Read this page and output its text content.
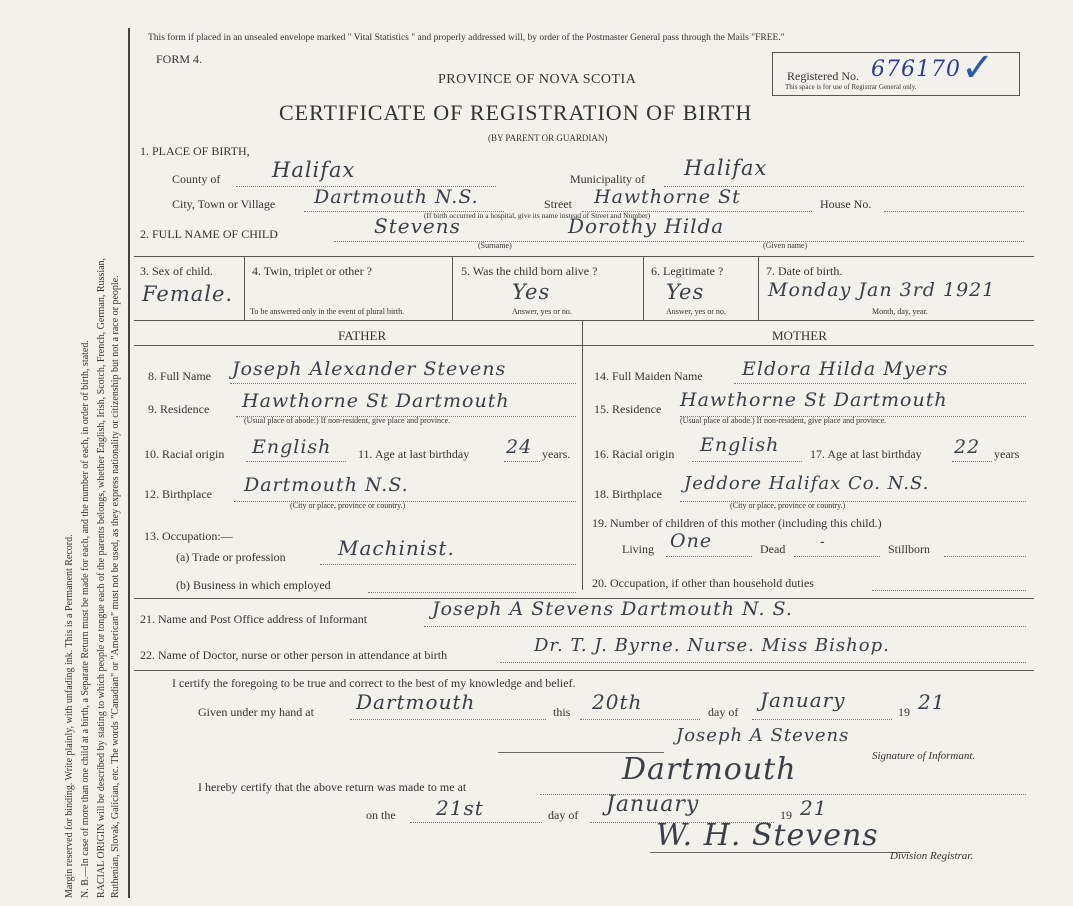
Margin reserved for binding. Write plainly, with unfading ink. This is a Permanent Record. N. B.—In case of more than one child at a birth, a Separate Return must be made for each, and the number of each, in order of birth, stated. RACIAL ORIGIN will be described by stating to which people or tongue each of the parents belongs, whether English, Irish, Scotch, French, German, Russian, Ruthenian, Slovak, Galician, etc. The words "Canadian" or "American" must not be used, as they express nationality or citizenship but not a race or people.
This form if placed in an unsealed envelope marked " Vital Statistics " and properly addressed will, by order of the Postmaster General pass through the Mails "FREE."
FORM 4.
PROVINCE OF NOVA SCOTIA
CERTIFICATE OF REGISTRATION OF BIRTH
(BY PARENT OR GUARDIAN)
Registered No. 676170 ✓
This space is for use of Registrar General only.
1. PLACE OF BIRTH,
County of Halifax	Municipality of Halifax
City, Town or Village Dartmouth N.S.	Street Hawthorne St	House No.
(If birth occurred in a hospital, give its name instead of Street and Number)
2. FULL NAME OF CHILD	Stevens	Dorothy Hilda
(Surname)	(Given name)
3. Sex of child.
Female.
4. Twin, triplet or other ?
To be answered only in the event of plural birth.
5. Was the child born alive ?
Yes
Answer, yes or no.
6. Legitimate ?
Yes
Answer, yes or no.
7. Date of birth.
Monday Jan 3rd 1921
Month, day, year.
FATHER	MOTHER
8. Full Name Joseph Alexander Stevens
9. Residence Hawthorne St Dartmouth
(Usual place of abode.) If non-resident, give place and province.
10. Racial origin English 11. Age at last birthday 24 years.
12. Birthplace Dartmouth N.S.
(City or place, province or country.)
13. Occupation:—
(a) Trade or profession	Machinist.
(b) Business in which employed
14. Full Maiden Name Eldora Hilda Myers
15. Residence Hawthorne St Dartmouth
(Usual place of abode.) If non-resident, give place and province.
16. Racial origin English	17. Age at last birthday 22 years
18. Birthplace Jeddore Halifax Co. N.S.
(City or place, province or country.)
19. Number of children of this mother (including this child.)
Living One	Dead -	Stillborn
20. Occupation, if other than household duties
21. Name and Post Office address of Informant	Joseph A Stevens Dartmouth N. S.
22. Name of Doctor, nurse or other person in attendance at birth	Dr. T. J. Byrne. Nurse. Miss Bishop.
I certify the foregoing to be true and correct to the best of my knowledge and belief.
Given under my hand at Dartmouth	this 20th	day of January	19 21
Joseph A Stevens
Signature of Informant.
I hereby certify that the above return was made to me at	Dartmouth
on the 21st	day of January	19 21
W. H. Stevens
Division Registrar.
